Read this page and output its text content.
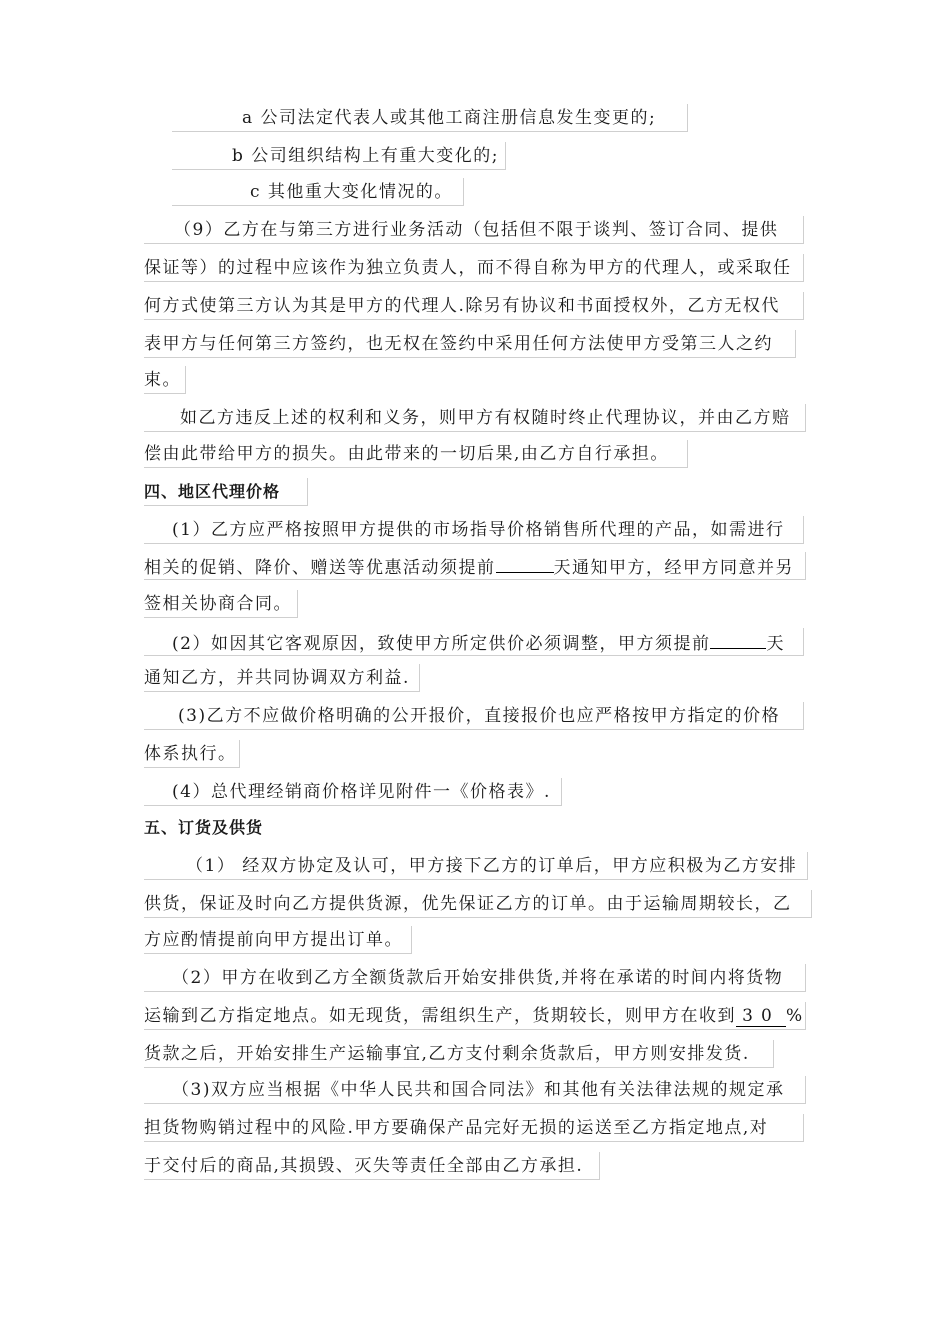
a 公司法定代表人或其他工商注册信息发生变更的;
b 公司组织结构上有重大变化的;
c 其他重大变化情况的。
（9）乙方在与第三方进行业务活动（包括但不限于谈判、签订合同、提供
保证等）的过程中应该作为独立负责人，而不得自称为甲方的代理人，或采取任
何方式使第三方认为其是甲方的代理人.除另有协议和书面授权外，乙方无权代
表甲方与任何第三方签约，也无权在签约中采用任何方法使甲方受第三人之约
束。
如乙方违反上述的权利和义务，则甲方有权随时终止代理协议，并由乙方赔
偿由此带给甲方的损失。由此带来的一切后果,由乙方自行承担。
四、地区代理价格
(1）乙方应严格按照甲方提供的市场指导价格销售所代理的产品，如需进行
相关的促销、降价、赠送等优惠活动须提前	天通知甲方，经甲方同意并另
签相关协商合同。
(2）如因其它客观原因，致使甲方所定供价必须调整，甲方须提前	天
通知乙方，并共同协调双方利益.
(3)乙方不应做价格明确的公开报价，直接报价也应严格按甲方指定的价格
体系执行。
(4）总代理经销商价格详见附件一《价格表》.
五、订货及供货
（1） 经双方协定及认可，甲方接下乙方的订单后，甲方应积极为乙方安排
供货，保证及时向乙方提供货源，优先保证乙方的订单。由于运输周期较长，乙
方应酌情提前向甲方提出订单。
（2）甲方在收到乙方全额货款后开始安排供货,并将在承诺的时间内将货物
运输到乙方指定地点。如无现货，需组织生产，货期较长，则甲方在收到 30 %
货款之后，开始安排生产运输事宜,乙方支付剩余货款后，甲方则安排发货.
（3)双方应当根据《中华人民共和国合同法》和其他有关法律法规的规定承
担货物购销过程中的风险.甲方要确保产品完好无损的运送至乙方指定地点,对
于交付后的商品,其损毁、灭失等责任全部由乙方承担.
